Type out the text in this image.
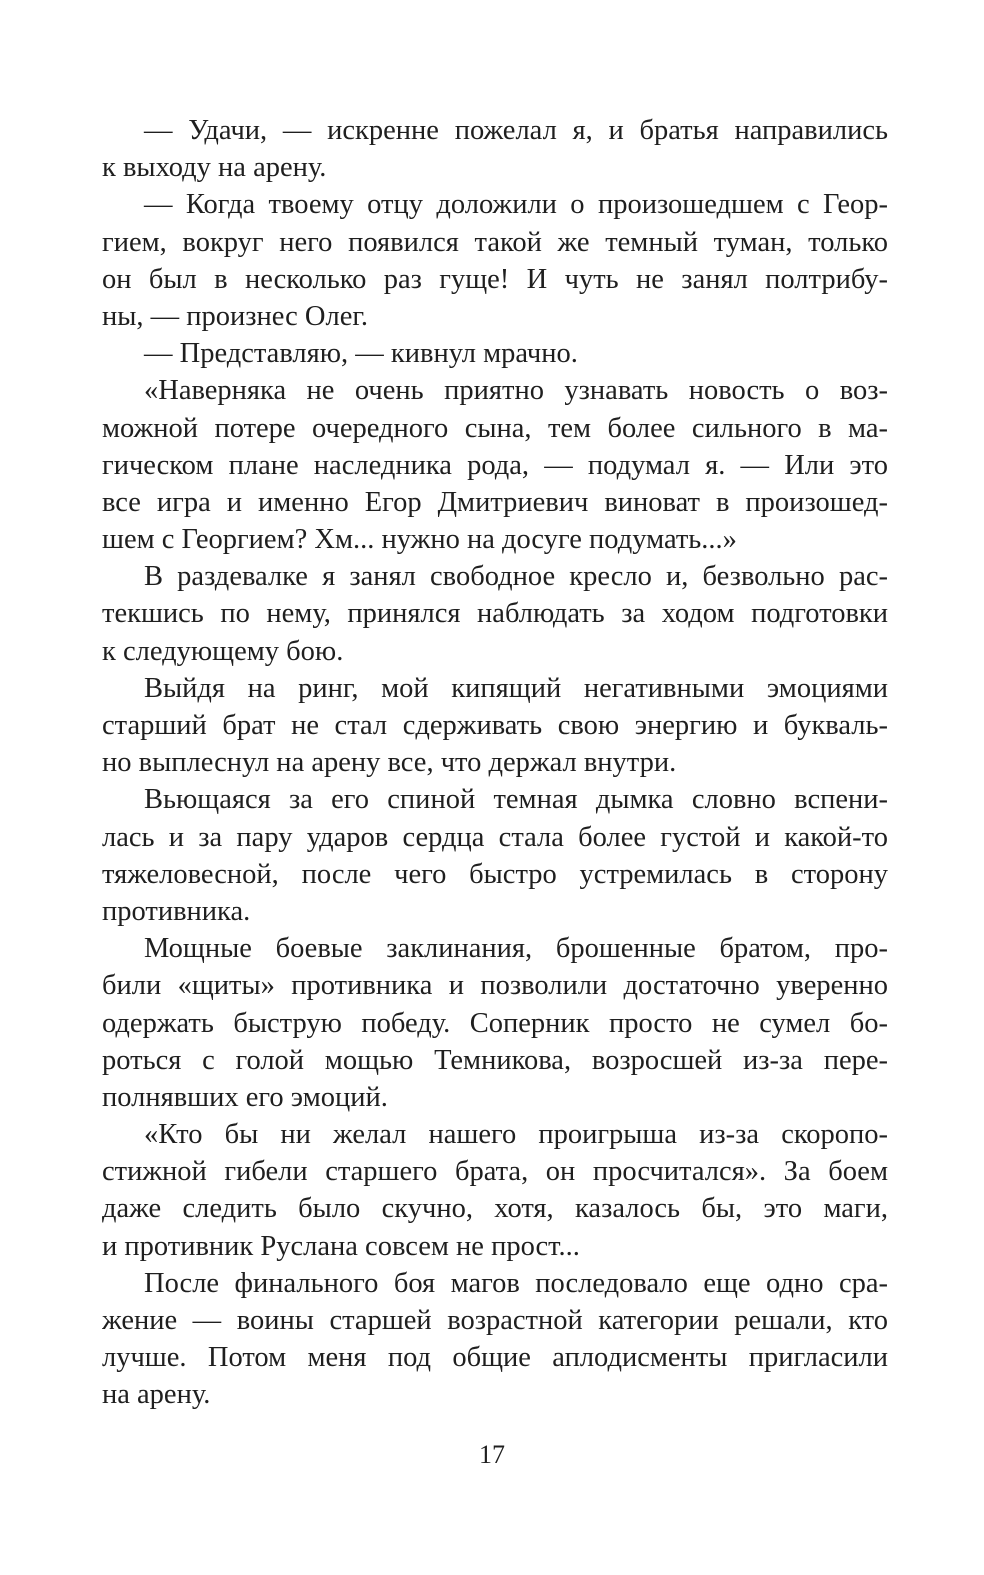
— Удачи, — искренне пожелал я, и братья направились
к выходу на арену.
— Когда твоему отцу доложили о произошедшем с Геор-
гием, вокруг него появился такой же темный туман, только
он был в несколько раз гуще! И чуть не занял полтрибу-
ны, — произнес Олег.
— Представляю, — кивнул мрачно.
«Наверняка не очень приятно узнавать новость о воз-
можной потере очередного сына, тем более сильного в ма-
гическом плане наследника рода, — подумал я. — Или это
все игра и именно Егор Дмитриевич виноват в произошед-
шем с Георгием? Хм... нужно на досуге подумать...»
В раздевалке я занял свободное кресло и, безвольно рас-
текшись по нему, принялся наблюдать за ходом подготовки
к следующему бою.
Выйдя на ринг, мой кипящий негативными эмоциями
старший брат не стал сдерживать свою энергию и букваль-
но выплеснул на арену все, что держал внутри.
Вьющаяся за его спиной темная дымка словно вспени-
лась и за пару ударов сердца стала более густой и какой-то
тяжеловесной, после чего быстро устремилась в сторону
противника.
Мощные боевые заклинания, брошенные братом, про-
били «щиты» противника и позволили достаточно уверенно
одержать быструю победу. Соперник просто не сумел бо-
роться с голой мощью Темникова, возросшей из-за пере-
полнявших его эмоций.
«Кто бы ни желал нашего проигрыша из-за скоропо-
стижной гибели старшего брата, он просчитался». За боем
даже следить было скучно, хотя, казалось бы, это маги,
и противник Руслана совсем не прост...
После финального боя магов последовало еще одно сра-
жение — воины старшей возрастной категории решали, кто
лучше. Потом меня под общие аплодисменты пригласили
на арену.
17
